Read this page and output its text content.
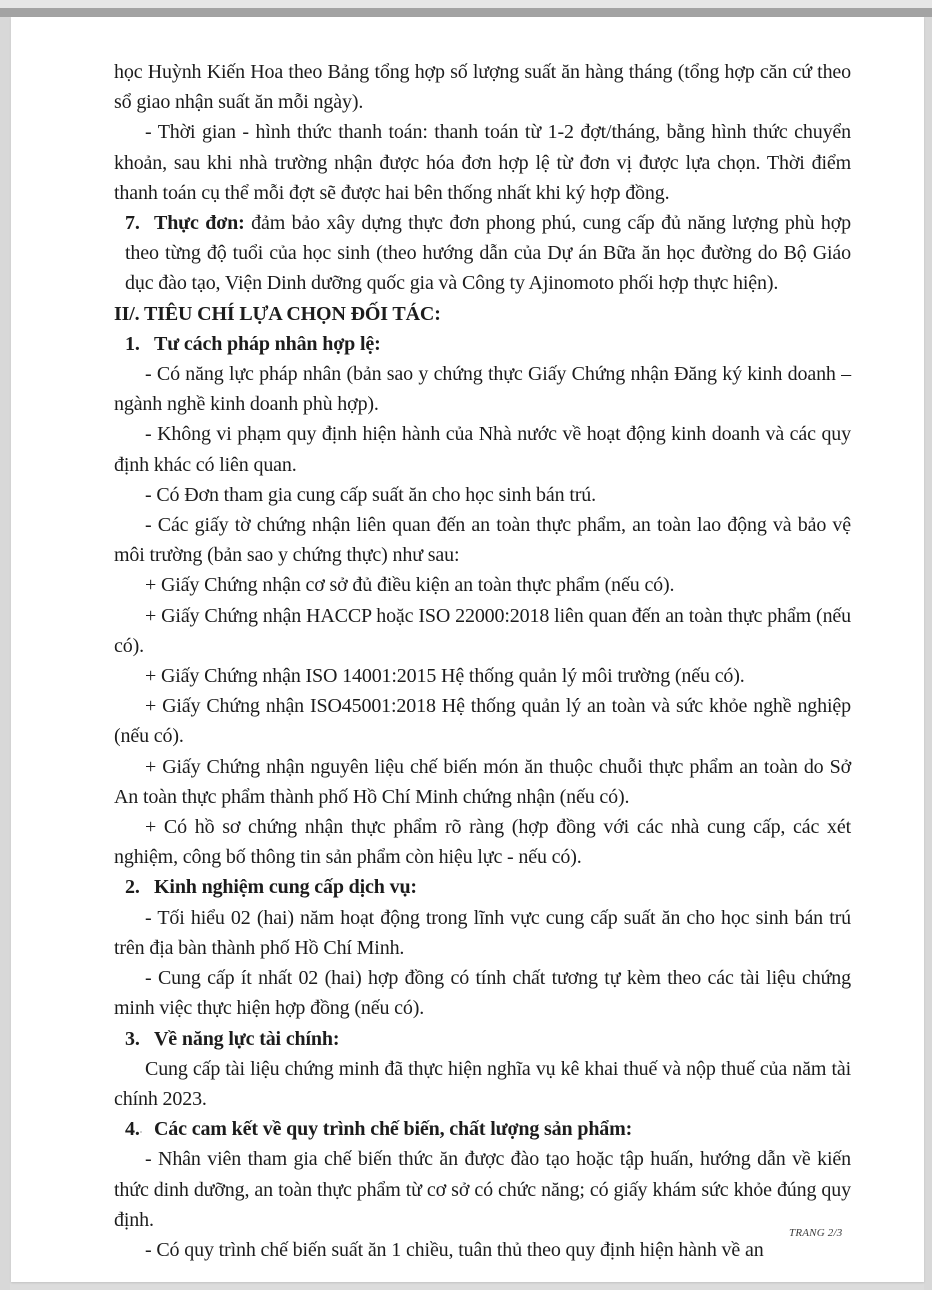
học Huỳnh Kiến Hoa theo Bảng tổng hợp số lượng suất ăn hàng tháng (tổng hợp căn cứ theo sổ giao nhận suất ăn mỗi ngày).

- Thời gian - hình thức thanh toán: thanh toán từ 1-2 đợt/tháng, bằng hình thức chuyển khoản, sau khi nhà trường nhận được hóa đơn hợp lệ từ đơn vị được lựa chọn. Thời điểm thanh toán cụ thể mỗi đợt sẽ được hai bên thống nhất khi ký hợp đồng.

7. Thực đơn: đảm bảo xây dựng thực đơn phong phú, cung cấp đủ năng lượng phù hợp theo từng độ tuổi của học sinh (theo hướng dẫn của Dự án Bữa ăn học đường do Bộ Giáo dục đào tạo, Viện Dinh dưỡng quốc gia và Công ty Ajinomoto phối hợp thực hiện).

II/. TIÊU CHÍ LỰA CHỌN ĐỐI TÁC:

1. Tư cách pháp nhân hợp lệ:

- Có năng lực pháp nhân (bản sao y chứng thực Giấy Chứng nhận Đăng ký kinh doanh – ngành nghề kinh doanh phù hợp).

- Không vi phạm quy định hiện hành của Nhà nước về hoạt động kinh doanh và các quy định khác có liên quan.

- Có Đơn tham gia cung cấp suất ăn cho học sinh bán trú.

- Các giấy tờ chứng nhận liên quan đến an toàn thực phẩm, an toàn lao động và bảo vệ môi trường (bản sao y chứng thực) như sau:

+ Giấy Chứng nhận cơ sở đủ điều kiện an toàn thực phẩm (nếu có).

+ Giấy Chứng nhận HACCP hoặc ISO 22000:2018 liên quan đến an toàn thực phẩm (nếu có).

+ Giấy Chứng nhận ISO 14001:2015 Hệ thống quản lý môi trường (nếu có).

+ Giấy Chứng nhận ISO45001:2018 Hệ thống quản lý an toàn và sức khỏe nghề nghiệp (nếu có).

+ Giấy Chứng nhận nguyên liệu chế biến món ăn thuộc chuỗi thực phẩm an toàn do Sở An toàn thực phẩm thành phố Hồ Chí Minh chứng nhận (nếu có).

+ Có hồ sơ chứng nhận thực phẩm rõ ràng (hợp đồng với các nhà cung cấp, các xét nghiệm, công bố thông tin sản phẩm còn hiệu lực - nếu có).

2. Kinh nghiệm cung cấp dịch vụ:

- Tối hiểu 02 (hai) năm hoạt động trong lĩnh vực cung cấp suất ăn cho học sinh bán trú trên địa bàn thành phố Hồ Chí Minh.

- Cung cấp ít nhất 02 (hai) hợp đồng có tính chất tương tự kèm theo các tài liệu chứng minh việc thực hiện hợp đồng (nếu có).

3. Về năng lực tài chính:

Cung cấp tài liệu chứng minh đã thực hiện nghĩa vụ kê khai thuế và nộp thuế của năm tài chính 2023.

4. Các cam kết về quy trình chế biến, chất lượng sản phẩm:

- Nhân viên tham gia chế biến thức ăn được đào tạo hoặc tập huấn, hướng dẫn về kiến thức dinh dưỡng, an toàn thực phẩm từ cơ sở có chức năng; có giấy khám sức khỏe đúng quy định.

- Có quy trình chế biến suất ăn 1 chiều, tuân thủ theo quy định hiện hành về an

TRANG 2/3
